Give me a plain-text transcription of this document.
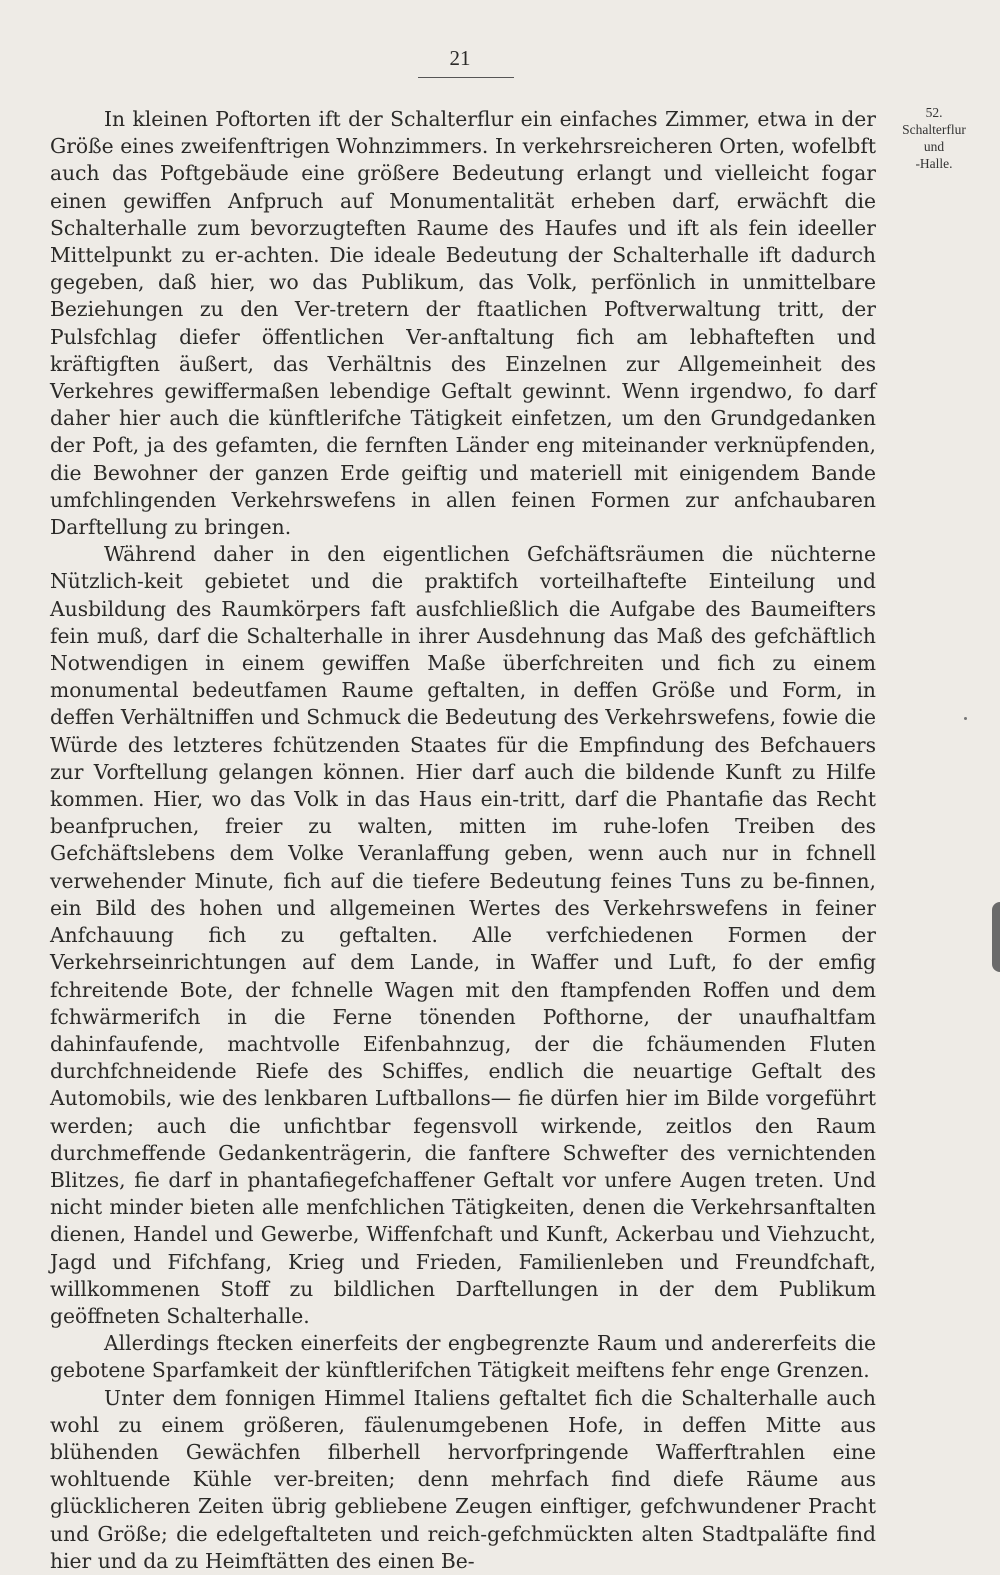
21
52.
Schalterflur
und
-Halle.

In kleinen Poftorten ift der Schalterflur ein einfaches Zimmer, etwa in der Größe eines zweifenftrigen Wohnzimmers. In verkehrsreicheren Orten, wofelbft auch das Poftgebäude eine größere Bedeutung erlangt und vielleicht fogar einen gewiffen Anfpruch auf Monumentalität erheben darf, erwächft die Schalterhalle zum bevorzugteften Raume des Haufes und ift als fein ideeller Mittelpunkt zu er-achten. Die ideale Bedeutung der Schalterhalle ift dadurch gegeben, daß hier, wo das Publikum, das Volk, perfönlich in unmittelbare Beziehungen zu den Ver-tretern der ftaatlichen Poftverwaltung tritt, der Pulsfchlag diefer öffentlichen Ver-anftaltung fich am lebhafteften und kräftigften äußert, das Verhältnis des Einzelnen zur Allgemeinheit des Verkehres gewiffermaßen lebendige Geftalt gewinnt. Wenn irgendwo, fo darf daher hier auch die künftlerifche Tätigkeit einfetzen, um den Grundgedanken der Poft, ja des gefamten, die fernften Länder eng miteinander verknüpfenden, die Bewohner der ganzen Erde geiftig und materiell mit einigendem Bande umfchlingenden Verkehrswefens in allen feinen Formen zur anfchaubaren Darftellung zu bringen.

Während daher in den eigentlichen Gefchäftsräumen die nüchterne Nützlich-keit gebietet und die praktifch vorteilhaftefte Einteilung und Ausbildung des Raumkörpers faft ausfchließlich die Aufgabe des Baumeifters fein muß, darf die Schalterhalle in ihrer Ausdehnung das Maß des gefchäftlich Notwendigen in einem gewiffen Maße überfchreiten und fich zu einem monumental bedeutfamen Raume geftalten, in deffen Größe und Form, in deffen Verhältniffen und Schmuck die Bedeutung des Verkehrswefens, fowie die Würde des letzteres fchützenden Staates für die Empfindung des Befchauers zur Vorftellung gelangen können. Hier darf auch die bildende Kunft zu Hilfe kommen. Hier, wo das Volk in das Haus ein-tritt, darf die Phantafie das Recht beanfpruchen, freier zu walten, mitten im ruhe-lofen Treiben des Gefchäftslebens dem Volke Veranlaffung geben, wenn auch nur in fchnell verwehender Minute, fich auf die tiefere Bedeutung feines Tuns zu be-finnen, ein Bild des hohen und allgemeinen Wertes des Verkehrswefens in feiner Anfchauung fich zu geftalten. Alle verfchiedenen Formen der Verkehrseinrichtungen auf dem Lande, in Waffer und Luft, fo der emfig fchreitende Bote, der fchnelle Wagen mit den ftampfenden Roffen und dem fchwärmerifch in die Ferne tönenden Pofthorne, der unaufhaltfam dahinfaufende, machtvolle Eifenbahnzug, der die fchäumenden Fluten durchfchneidende Riefe des Schiffes, endlich die neuartige Geftalt des Automobils, wie des lenkbaren Luftballons— fie dürfen hier im Bilde vorgeführt werden; auch die unfichtbar fegensvoll wirkende, zeitlos den Raum durchmeffende Gedankenträgerin, die fanftere Schwefter des vernichtenden Blitzes, fie darf in phantafiegefchaffener Geftalt vor unfere Augen treten. Und nicht minder bieten alle menfchlichen Tätigkeiten, denen die Verkehrsanftalten dienen, Handel und Gewerbe, Wiffenfchaft und Kunft, Ackerbau und Viehzucht, Jagd und Fifchfang, Krieg und Frieden, Familienleben und Freundfchaft, willkommenen Stoff zu bildlichen Darftellungen in der dem Publikum geöffneten Schalterhalle.

Allerdings ftecken einerfeits der engbegrenzte Raum und andererfeits die gebotene Sparfamkeit der künftlerifchen Tätigkeit meiftens fehr enge Grenzen.

Unter dem fonnigen Himmel Italiens geftaltet fich die Schalterhalle auch wohl zu einem größeren, fäulenumgebenen Hofe, in deffen Mitte aus blühenden Gewächfen filberhell hervorfpringende Wafferftrahlen eine wohltuende Kühle ver-breiten; denn mehrfach find diefe Räume aus glücklicheren Zeiten übrig gebliebene Zeugen einftiger, gefchwundener Pracht und Größe; die edelgeftalteten und reich-gefchmückten alten Stadtpaläfte find hier und da zu Heimftätten des einen Be-
